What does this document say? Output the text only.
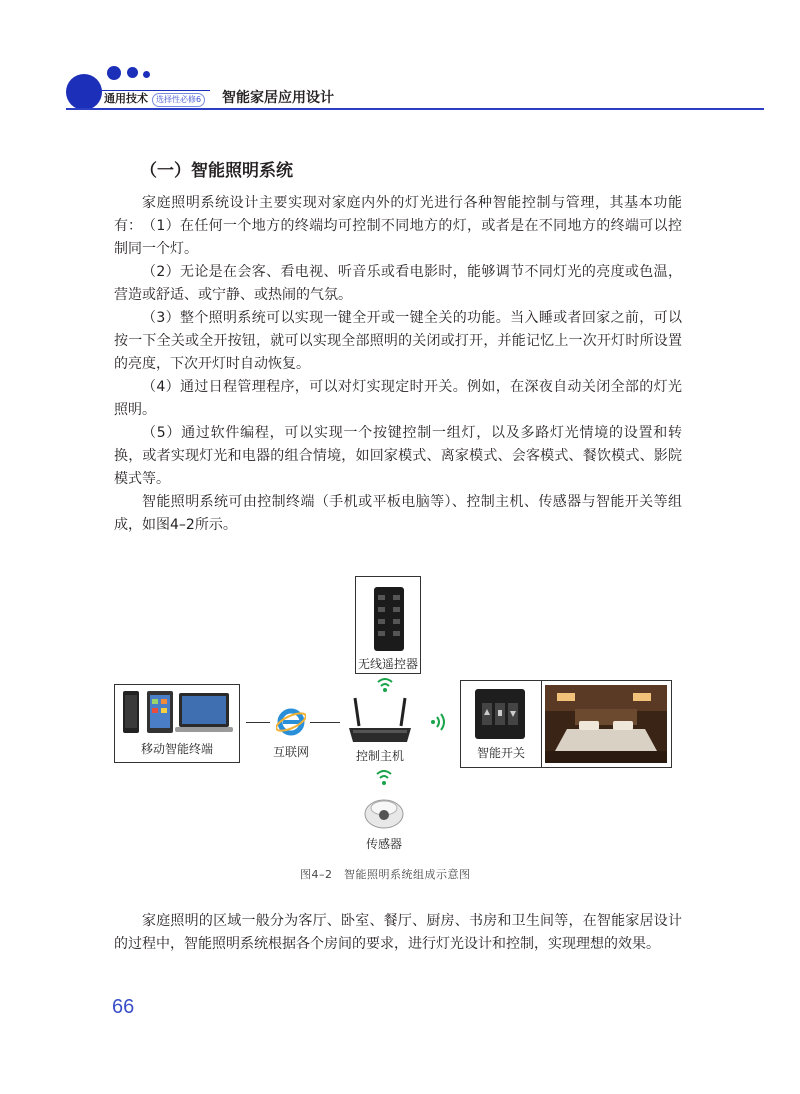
通用技术	选择性必修6 智能家居应用设计
（一）智能照明系统

家庭照明系统设计主要实现对家庭内外的灯光进行各种智能控制与管理，其基本功能有： （1）在任何一个地方的终端均可控制不同地方的灯，或者是在不同地方的终端可以控制同一个灯。

（2）无论是在会客、看电视、听音乐或看电影时，能够调节不同灯光的亮度或色温，营造或舒适、或宁静、或热闹的气氛。

（3）整个照明系统可以实现一键全开或一键全关的功能。当入睡或者回家之前，可以按一下全关或全开按钮，就可以实现全部照明的关闭或打开，并能记忆上一次开灯时所设置的亮度，下次开灯时自动恢复。

（4）通过日程管理程序，可以对灯实现定时开关。例如，在深夜自动关闭全部的灯光照明。

（5）通过软件编程，可以实现一个按键控制一组灯，以及多路灯光情境的设置和转换，或者实现灯光和电器的组合情境，如回家模式、离家模式、会客模式、餐饮模式、影院模式等。

智能照明系统可由控制终端（手机或平板电脑等）、控制主机、传感器与智能开关等组成，如图4–2所示。

无线遥控器
移动智能终端	互联网	控制主机	智能开关
传感器
图4–2　智能照明系统组成示意图

家庭照明的区域一般分为客厅、卧室、餐厅、厨房、书房和卫生间等，在智能家居设计的过程中，智能照明系统根据各个房间的要求，进行灯光设计和控制，实现理想的效果。

66
